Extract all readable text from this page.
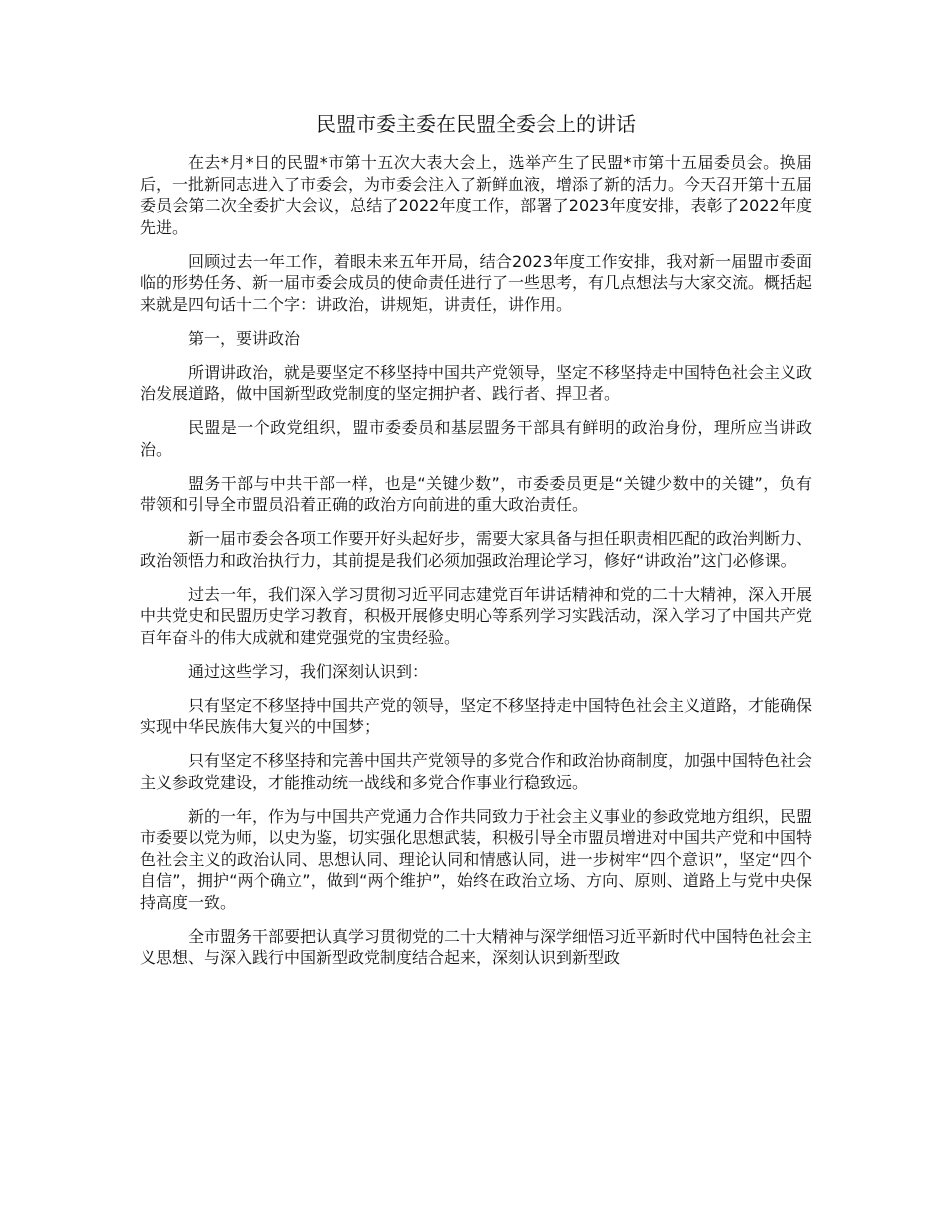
民盟市委主委在民盟全委会上的讲话

在去*月*日的民盟*市第十五次大表大会上，选举产生了民盟*市第十五届委员会。换届后，一批新同志进入了市委会，为市委会注入了新鲜血液，增添了新的活力。今天召开第十五届委员会第二次全委扩大会议，总结了2022年度工作，部署了2023年度安排，表彰了2022年度先进。

回顾过去一年工作，着眼未来五年开局，结合2023年度工作安排，我对新一届盟市委面临的形势任务、新一届市委会成员的使命责任进行了一些思考，有几点想法与大家交流。概括起来就是四句话十二个字：讲政治，讲规矩，讲责任，讲作用。

第一，要讲政治

所谓讲政治，就是要坚定不移坚持中国共产党领导，坚定不移坚持走中国特色社会主义政治发展道路，做中国新型政党制度的坚定拥护者、践行者、捍卫者。

民盟是一个政党组织，盟市委委员和基层盟务干部具有鲜明的政治身份，理所应当讲政治。

盟务干部与中共干部一样，也是“关键少数”，市委委员更是“关键少数中的关键”，负有带领和引导全市盟员沿着正确的政治方向前进的重大政治责任。

新一届市委会各项工作要开好头起好步，需要大家具备与担任职责相匹配的政治判断力、政治领悟力和政治执行力，其前提是我们必须加强政治理论学习，修好“讲政治”这门必修课。

过去一年，我们深入学习贯彻习近平同志建党百年讲话精神和党的二十大精神，深入开展中共党史和民盟历史学习教育，积极开展修史明心等系列学习实践活动，深入学习了中国共产党百年奋斗的伟大成就和建党强党的宝贵经验。

通过这些学习，我们深刻认识到：

只有坚定不移坚持中国共产党的领导，坚定不移坚持走中国特色社会主义道路，才能确保实现中华民族伟大复兴的中国梦；

只有坚定不移坚持和完善中国共产党领导的多党合作和政治协商制度，加强中国特色社会主义参政党建设，才能推动统一战线和多党合作事业行稳致远。

新的一年，作为与中国共产党通力合作共同致力于社会主义事业的参政党地方组织，民盟市委要以党为师，以史为鉴，切实强化思想武装，积极引导全市盟员增进对中国共产党和中国特色社会主义的政治认同、思想认同、理论认同和情感认同，进一步树牢“四个意识”，坚定“四个自信”，拥护“两个确立”，做到“两个维护”，始终在政治立场、方向、原则、道路上与党中央保持高度一致。

全市盟务干部要把认真学习贯彻党的二十大精神与深学细悟习近平新时代中国特色社会主义思想、与深入践行中国新型政党制度结合起来，深刻认识到新型政
